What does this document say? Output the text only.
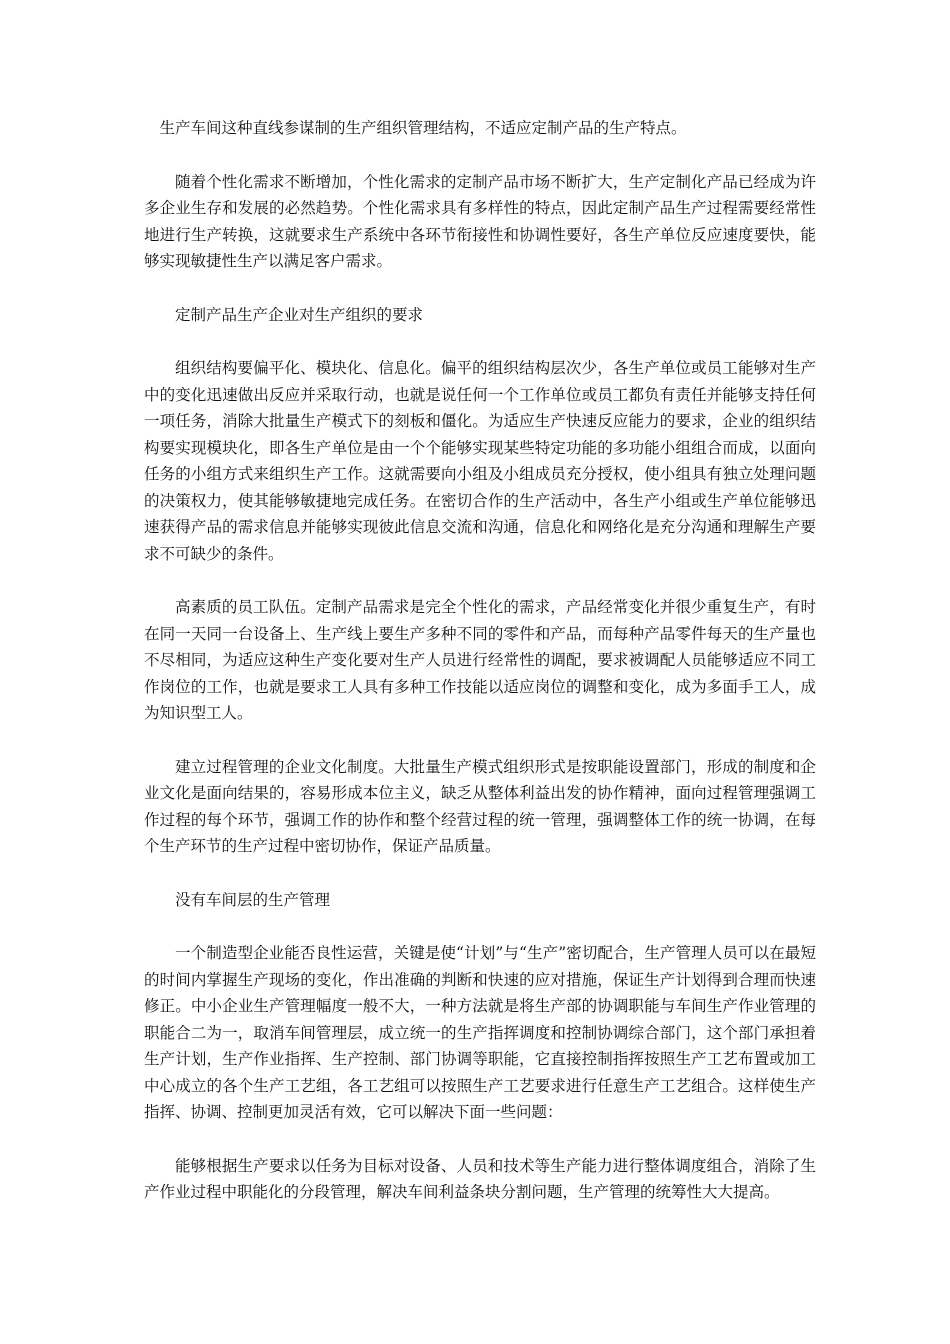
生产车间这种直线参谋制的生产组织管理结构，不适应定制产品的生产特点。

随着个性化需求不断增加，个性化需求的定制产品市场不断扩大，生产定制化产品已经成为许多企业生存和发展的必然趋势。个性化需求具有多样性的特点，因此定制产品生产过程需要经常性地进行生产转换，这就要求生产系统中各环节衔接性和协调性要好，各生产单位反应速度要快，能够实现敏捷性生产以满足客户需求。

定制产品生产企业对生产组织的要求

组织结构要偏平化、模块化、信息化。偏平的组织结构层次少，各生产单位或员工能够对生产中的变化迅速做出反应并采取行动，也就是说任何一个工作单位或员工都负有责任并能够支持任何一项任务，消除大批量生产模式下的刻板和僵化。为适应生产快速反应能力的要求，企业的组织结构要实现模块化，即各生产单位是由一个个能够实现某些特定功能的多功能小组组合而成，以面向任务的小组方式来组织生产工作。这就需要向小组及小组成员充分授权，使小组具有独立处理问题的决策权力，使其能够敏捷地完成任务。在密切合作的生产活动中，各生产小组或生产单位能够迅速获得产品的需求信息并能够实现彼此信息交流和沟通，信息化和网络化是充分沟通和理解生产要求不可缺少的条件。

高素质的员工队伍。定制产品需求是完全个性化的需求，产品经常变化并很少重复生产，有时在同一天同一台设备上、生产线上要生产多种不同的零件和产品，而每种产品零件每天的生产量也不尽相同，为适应这种生产变化要对生产人员进行经常性的调配，要求被调配人员能够适应不同工作岗位的工作，也就是要求工人具有多种工作技能以适应岗位的调整和变化，成为多面手工人，成为知识型工人。

建立过程管理的企业文化制度。大批量生产模式组织形式是按职能设置部门，形成的制度和企业文化是面向结果的，容易形成本位主义，缺乏从整体利益出发的协作精神，面向过程管理强调工作过程的每个环节，强调工作的协作和整个经营过程的统一管理，强调整体工作的统一协调，在每个生产环节的生产过程中密切协作，保证产品质量。

没有车间层的生产管理

一个制造型企业能否良性运营，关键是使“计划”与“生产”密切配合，生产管理人员可以在最短的时间内掌握生产现场的变化，作出准确的判断和快速的应对措施，保证生产计划得到合理而快速修正。中小企业生产管理幅度一般不大，一种方法就是将生产部的协调职能与车间生产作业管理的职能合二为一，取消车间管理层，成立统一的生产指挥调度和控制协调综合部门，这个部门承担着生产计划，生产作业指挥、生产控制、部门协调等职能，它直接控制指挥按照生产工艺布置或加工中心成立的各个生产工艺组，各工艺组可以按照生产工艺要求进行任意生产工艺组合。这样使生产指挥、协调、控制更加灵活有效，它可以解决下面一些问题：

能够根据生产要求以任务为目标对设备、人员和技术等生产能力进行整体调度组合，消除了生产作业过程中职能化的分段管理，解决车间利益条块分割问题，生产管理的统筹性大大提高。
